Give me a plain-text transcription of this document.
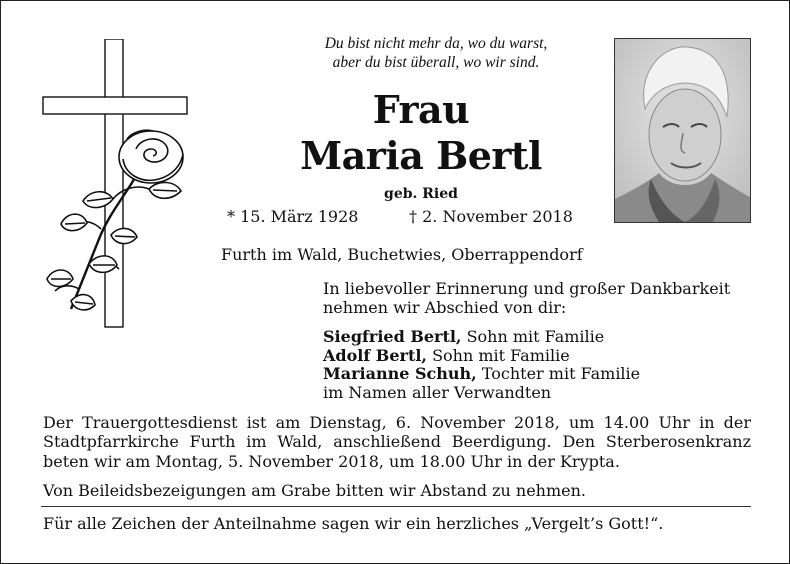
Du bist nicht mehr da, wo du warst,
aber du bist überall, wo wir sind.
Frau
Maria Bertl
geb. Ried
* 15. März 1928	† 2. November 2018
Furth im Wald, Buchetwies, Oberrappendorf
In liebevoller Erinnerung und großer Dankbarkeit
nehmen wir Abschied von dir:
Siegfried Bertl, Sohn mit Familie
Adolf Bertl, Sohn mit Familie
Marianne Schuh, Tochter mit Familie
im Namen aller Verwandten
Der Trauergottesdienst ist am Dienstag, 6. November 2018, um 14.00 Uhr in der
Stadtpfarrkirche Furth im Wald, anschließend Beerdigung. Den Sterberosenkranz
beten wir am Montag, 5. November 2018, um 18.00 Uhr in der Krypta.
Von Beileidsbezeigungen am Grabe bitten wir Abstand zu nehmen.
Für alle Zeichen der Anteilnahme sagen wir ein herzliches „Vergelt’s Gott!“.
